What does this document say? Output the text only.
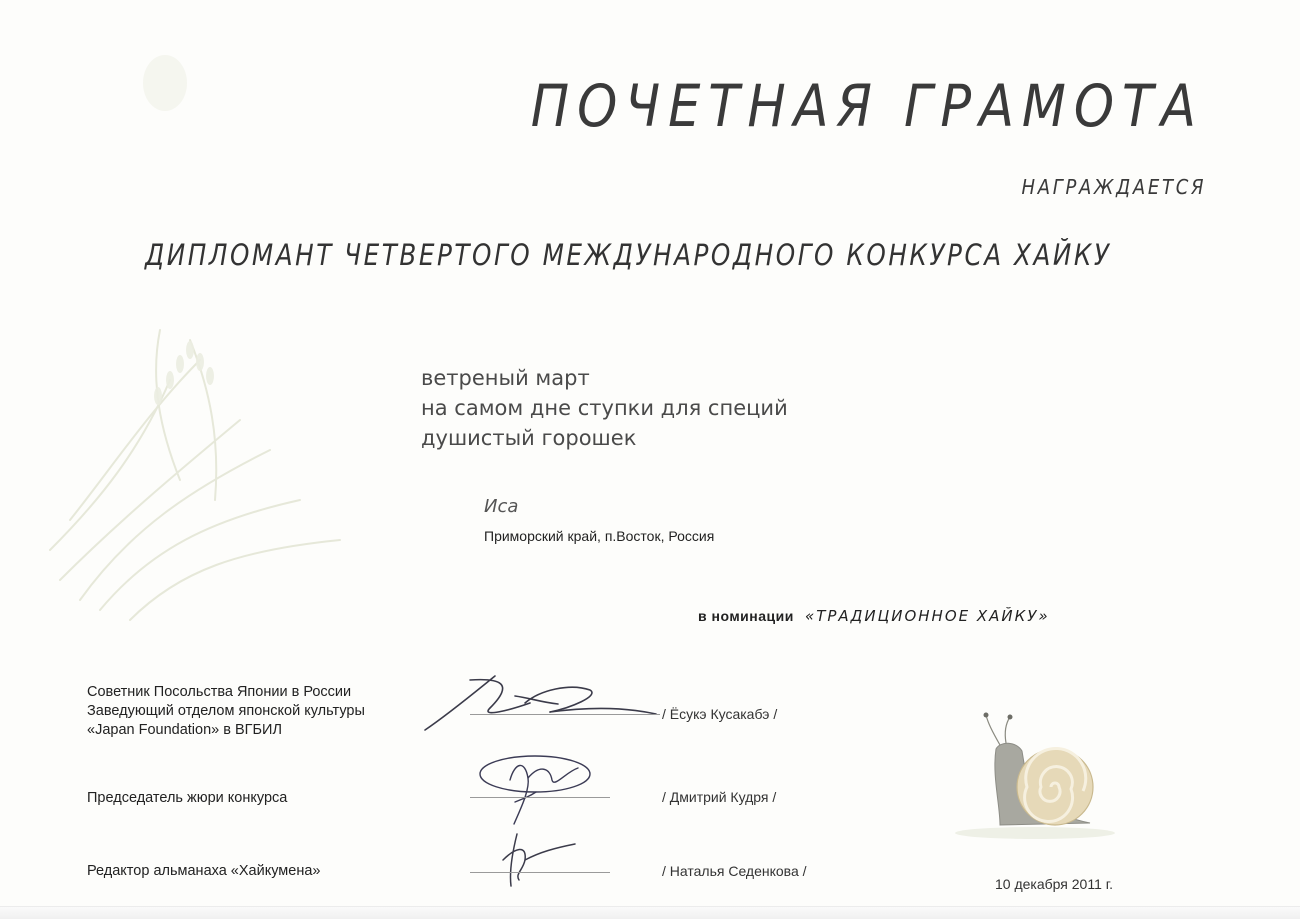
ПОЧЕТНАЯ ГРАМОТА
НАГРАЖДАЕТСЯ
ДИПЛОМАНТ ЧЕТВЕРТОГО МЕЖДУНАРОДНОГО КОНКУРСА ХАЙКУ
ветреный март
на самом дне ступки для специй
душистый горошек
Иса
Приморский край, п.Восток, Россия
в номинации «ТРАДИЦИОННОЕ ХАЙКУ»
Советник Посольства Японии в России
Заведующий отделом японской культуры
«Japan Foundation» в ВГБИЛ
/ Ёсукэ Кусакабэ /
Председатель жюри конкурса	/ Дмитрий Кудря /
Редактор альманаха «Хайкумена»	/ Наталья Седенкова /
10 декабря 2011 г.
